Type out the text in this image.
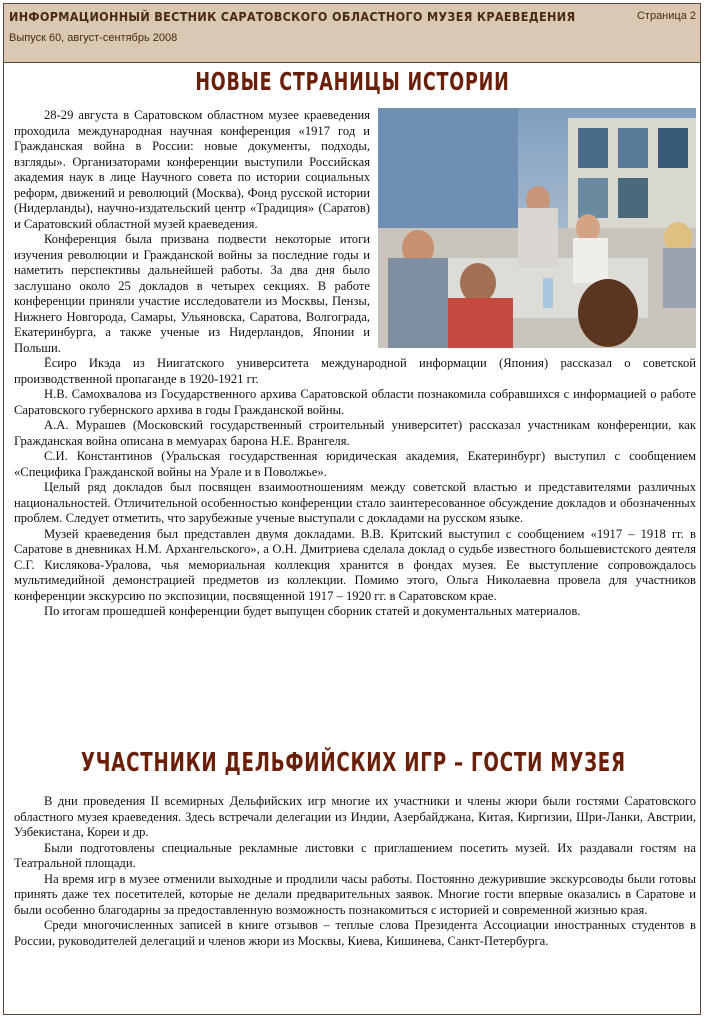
ИНФОРМАЦИОННЫЙ ВЕСТНИК САРАТОВСКОГО ОБЛАСТНОГО МУЗЕЯ КРАЕВЕДЕНИЯ
Выпуск 60, август-сентябрь 2008
Страница 2
НОВЫЕ СТРАНИЦЫ ИСТОРИИ

28-29 августа в Саратовском областном музее краеведения проходила международная научная конференция «1917 год и Гражданская война в России: новые документы, подходы, взгляды». Организаторами конференции выступили Российская академия наук в лице Научного совета по истории социальных реформ, движений и революций (Москва), Фонд русской истории (Нидерланды), научно-издательский центр «Традиция» (Саратов) и Саратовский областной музей краеведения.

Конференция была призвана подвести некоторые итоги изучения революции и Гражданской войны за последние годы и наметить перспективы дальнейшей работы. За два дня было заслушано около 25 докладов в четырех секциях. В работе конференции приняли участие исследователи из Москвы, Пензы, Нижнего Новгорода, Самары, Ульяновска, Саратова, Волгограда, Екатеринбурга, а также ученые из Нидерландов, Японии и Польши.

Ёсиро Икэда из Ниигатского университета международной информации (Япония) рассказал о советской производственной пропаганде в 1920-1921 гг.

Н.В. Самохвалова из Государственного архива Саратовской области познакомила собравшихся с информацией о работе Саратовского губернского архива в годы Гражданской войны.

А.А. Мурашев (Московский государственный строительный университет) рассказал участникам конференции, как Гражданская война описана в мемуарах барона Н.Е. Врангеля.

С.И. Константинов (Уральская государственная юридическая академия, Екатеринбург) выступил с сообщением «Специфика Гражданской войны на Урале и в Поволжье».

Целый ряд докладов был посвящен взаимоотношениям между советской властью и представителями различных национальностей. Отличительной особенностью конференции стало заинтересованное обсуждение докладов и обозначенных проблем. Следует отметить, что зарубежные ученые выступали с докладами на русском языке.

Музей краеведения был представлен двумя докладами. В.В. Критский выступил с сообщением «1917 – 1918 гг. в Саратове в дневниках Н.М. Архангельского», а О.Н. Дмитриева сделала доклад о судьбе известного большевистского деятеля С.Г. Кислякова-Уралова, чья мемориальная коллекция хранится в фондах музея. Ее выступление сопровождалось мультимедийной демонстрацией предметов из коллекции. Помимо этого, Ольга Николаевна провела для участников конференции экскурсию по экспозиции, посвященной 1917 – 1920 гг. в Саратовском крае.

По итогам прошедшей конференции будет выпущен сборник статей и документальных материалов.

УЧАСТНИКИ ДЕЛЬФИЙСКИХ ИГР – ГОСТИ МУЗЕЯ

В дни проведения II всемирных Дельфийских игр многие их участники и члены жюри были гостями Саратовского областного музея краеведения. Здесь встречали делегации из Индии, Азербайджана, Китая, Киргизии, Шри-Ланки, Австрии, Узбекистана, Кореи и др.

Были подготовлены специальные рекламные листовки с приглашением посетить музей. Их раздавали гостям на Театральной площади.

На время игр в музее отменили выходные и продлили часы работы. Постоянно дежурившие экскурсоводы были готовы принять даже тех посетителей, которые не делали предварительных заявок. Многие гости впервые оказались в Саратове и были особенно благодарны за предоставленную возможность познакомиться с историей и современной жизнью края.

Среди многочисленных записей в книге отзывов – теплые слова Президента Ассоциации иностранных студентов в России, руководителей делегаций и членов жюри из Москвы, Киева, Кишинева, Санкт-Петербурга.
